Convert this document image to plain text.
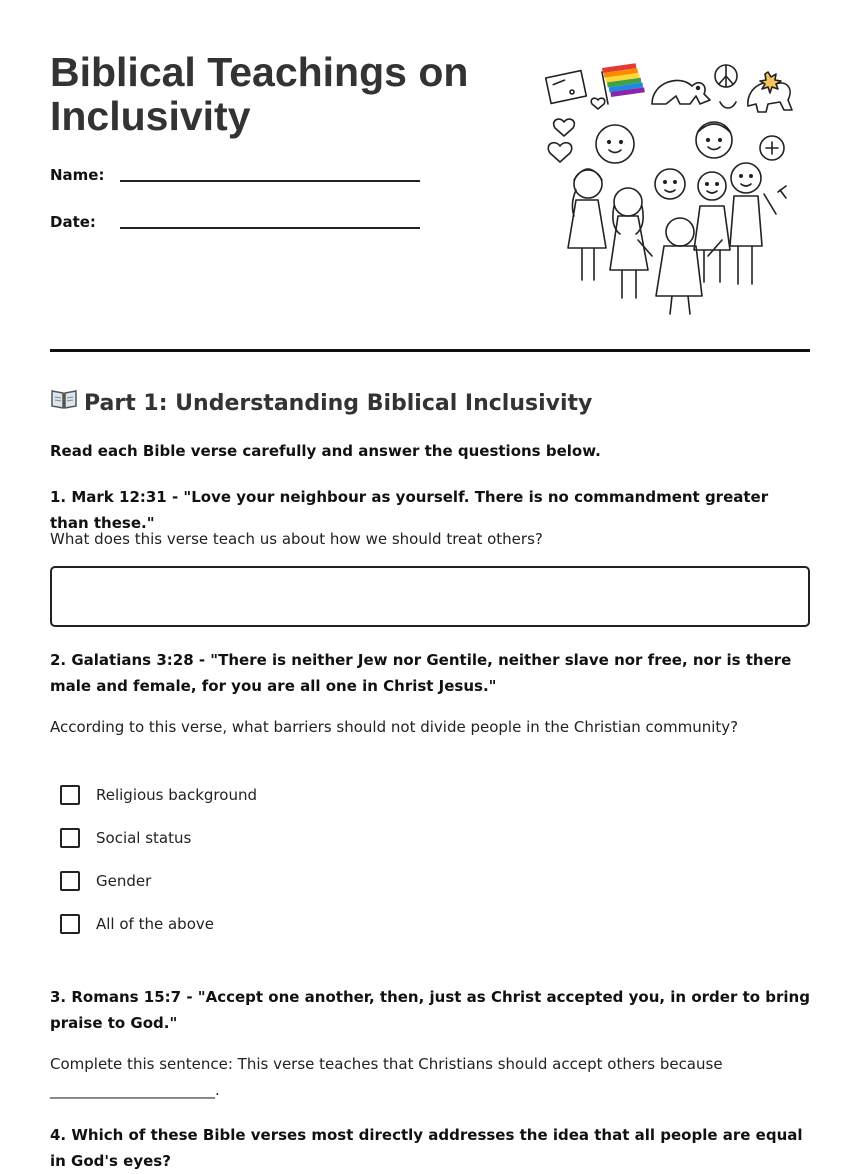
Biblical Teachings on Inclusivity
Name:
Date:
Part 1: Understanding Biblical Inclusivity

Read each Bible verse carefully and answer the questions below.

1. Mark 12:31 - "Love your neighbour as yourself. There is no commandment greater than these."

What does this verse teach us about how we should treat others?

2. Galatians 3:28 - "There is neither Jew nor Gentile, neither slave nor free, nor is there male and female, for you are all one in Christ Jesus."

According to this verse, what barriers should not divide people in the Christian community?

Religious background
Social status
Gender
All of the above

3. Romans 15:7 - "Accept one another, then, just as Christ accepted you, in order to bring praise to God."

Complete this sentence: This verse teaches that Christians should accept others because ______________________.

4. Which of these Bible verses most directly addresses the idea that all people are equal in God's eyes?
